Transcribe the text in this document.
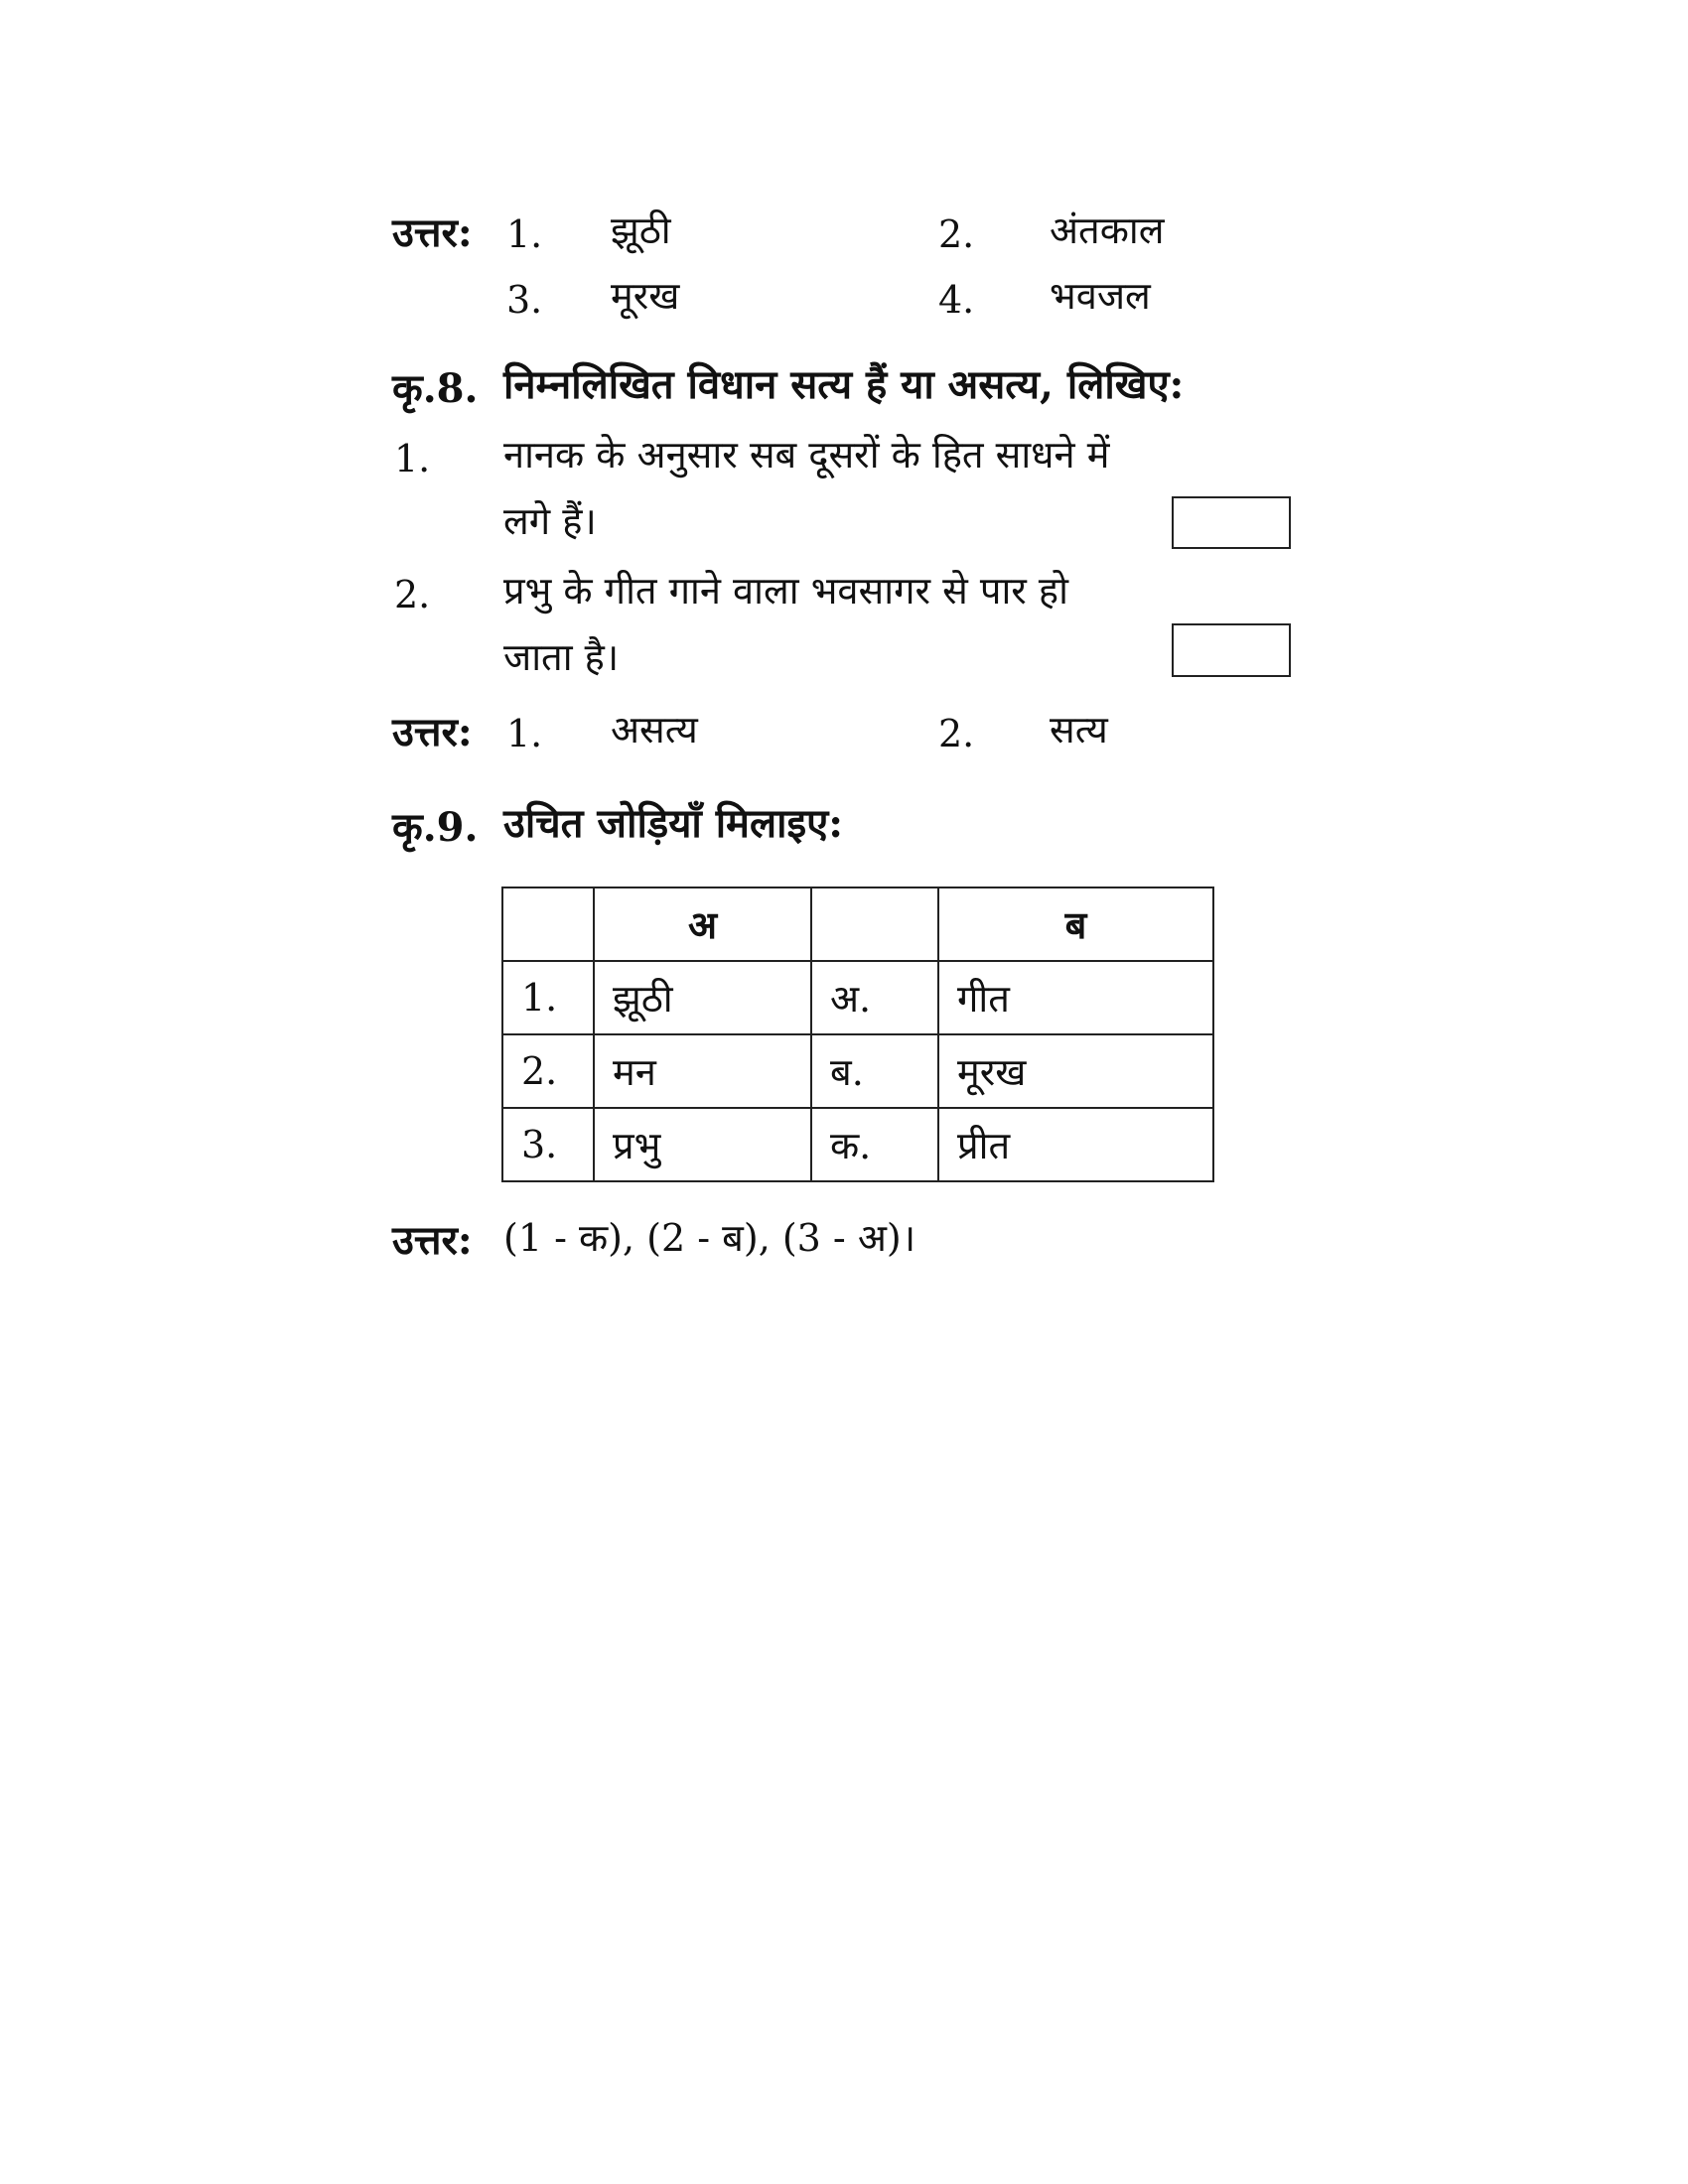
उत्तर: 1. झूठी	2. अंतकाल
3. मूरख	4. भवजल
कृ.8. निम्नलिखित विधान सत्य हैं या असत्य, लिखिए:
1. नानक के अनुसार सब दूसरों के हित साधने में
लगे हैं।
2. प्रभु के गीत गाने वाला भवसागर से पार हो
जाता है।
उत्तर: 1. असत्य	2. सत्य
कृ.9. उचित जोड़ियाँ मिलाइए:
	अ		ब
1.	झूठी	अ.	गीत
2.	मन	ब.	मूरख
3.	प्रभु	क.	प्रीत
उत्तर: (1 - क), (2 - ब), (3 - अ)।
